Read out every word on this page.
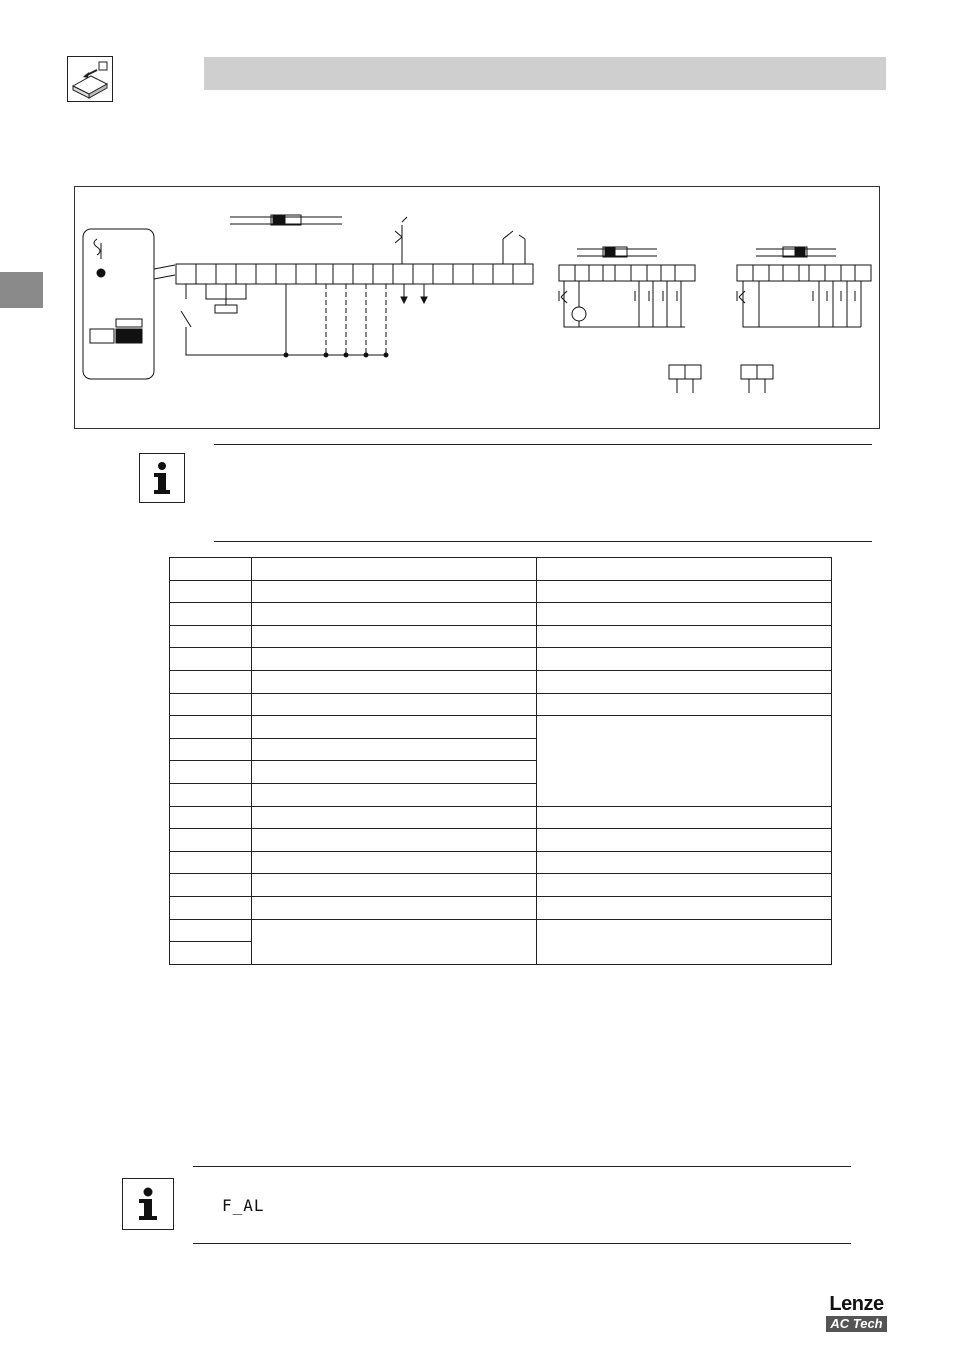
F_AL
Lenze
AC Tech
